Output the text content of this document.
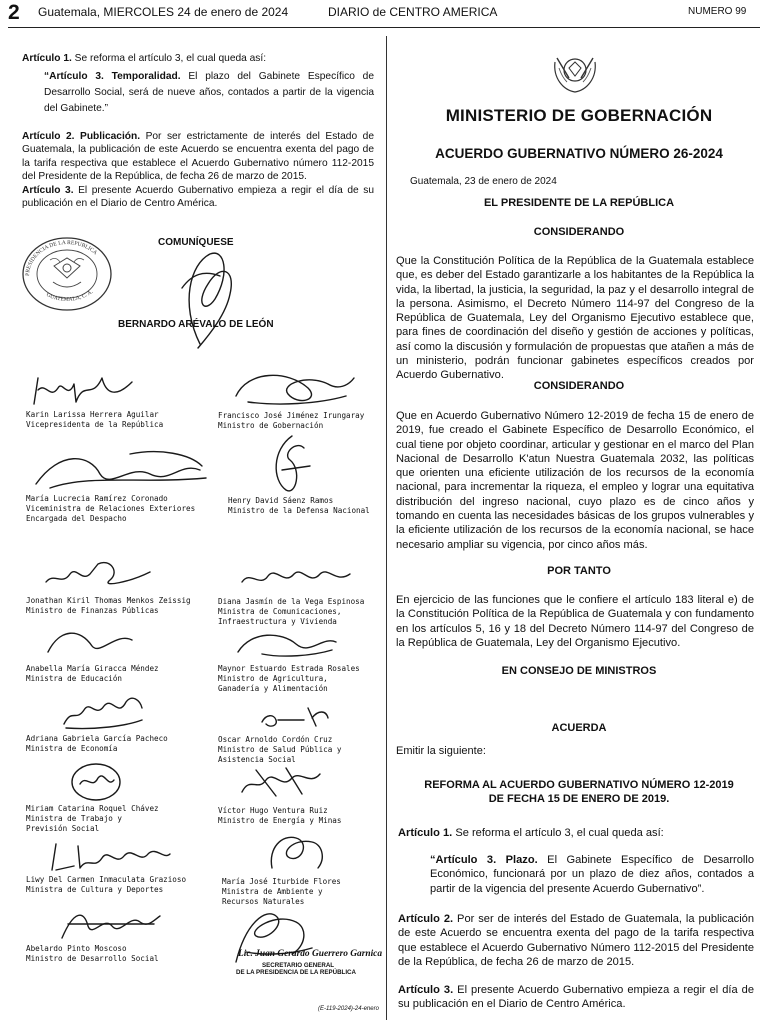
2 Guatemala, MIERCOLES 24 de enero de 2024	DIARIO de CENTRO AMERICA	NUMERO 99
Artículo 1. Se reforma el artículo 3, el cual queda así:
“Artículo 3. Temporalidad. El plazo del Gabinete Específico de Desarrollo Social, será de nueve años, contados a partir de la vigencia del Gabinete.”
Artículo 2. Publicación. Por ser estrictamente de interés del Estado de Guatemala, la publicación de este Acuerdo se encuentra exenta del pago de la tarifa respectiva que establece el Acuerdo Gubernativo número 112-2015 del Presidente de la República, de fecha 26 de marzo de 2015.
Artículo 3. El presente Acuerdo Gubernativo empieza a regir el día de su publicación en el Diario de Centro América.
PRESIDENCIA DE LA REPUBLICA
GUATEMALA, C. A.
COMUNÍQUESE
BERNARDO ARÉVALO DE LEÓN
Karin Larissa Herrera Aguilar
Vicepresidenta de la República
Francisco José Jiménez Irungaray
Ministro de Gobernación
María Lucrecia Ramírez Coronado
Viceministra de Relaciones Exteriores
Encargada del Despacho
Henry David Sáenz Ramos
Ministro de la Defensa Nacional
Jonathan Kiril Thomas Menkos Zeissig
Ministro de Finanzas Públicas
Diana Jasmín de la Vega Espinosa
Ministra de Comunicaciones,
Infraestructura y Vivienda
Anabella María Giracca Méndez
Ministra de Educación
Maynor Estuardo Estrada Rosales
Ministro de Agricultura,
Ganadería y Alimentación
Adriana Gabriela García Pacheco
Ministra de Economía
Oscar Arnoldo Cordón Cruz
Ministro de Salud Pública y
Asistencia Social
Miriam Catarina Roquel Chávez
Ministra de Trabajo y
Previsión Social
Víctor Hugo Ventura Ruiz
Ministro de Energía y Minas
Liwy Del Carmen Inmaculata Grazioso
Ministra de Cultura y Deportes
María José Iturbide Flores
Ministra de Ambiente y
Recursos Naturales
Abelardo Pinto Moscoso
Ministro de Desarrollo Social	Lic. Juan Gerardo Guerrero Garnica
SECRETARIO GENERAL
DE LA PRESIDENCIA DE LA REPÚBLICA
(E-119-2024)-24-enero
MINISTERIO DE GOBERNACIÓN
ACUERDO GUBERNATIVO NÚMERO 26-2024
Guatemala, 23 de enero de 2024
EL PRESIDENTE DE LA REPÚBLICA
CONSIDERANDO
Que la Constitución Política de la República de la Guatemala establece que, es deber del Estado garantizarle a los habitantes de la República la vida, la libertad, la justicia, la seguridad, la paz y el desarrollo integral de la persona. Asimismo, el Decreto Número 114-97 del Congreso de la República de Guatemala, Ley del Organismo Ejecutivo establece que, para fines de coordinación del diseño y gestión de acciones y políticas, así como la discusión y formulación de propuestas que atañen a más de un ministerio, podrán funcionar gabinetes específicos creados por Acuerdo Gubernativo.
CONSIDERANDO
Que en Acuerdo Gubernativo Número 12-2019 de fecha 15 de enero de 2019, fue creado el Gabinete Específico de Desarrollo Económico, el cual tiene por objeto coordinar, articular y gestionar en el marco del Plan Nacional de Desarrollo K'atun Nuestra Guatemala 2032, las políticas que orienten una eficiente utilización de los recursos de la economía nacional, para incrementar la riqueza, el empleo y lograr una equitativa distribución del ingreso nacional, cuyo plazo es de cinco años y tomando en cuenta las necesidades básicas de los grupos vulnerables y la eficiente utilización de los recursos de la economía nacional, se hace necesario ampliar su vigencia, por cinco años más.
POR TANTO
En ejercicio de las funciones que le confiere el artículo 183 literal e) de la Constitución Política de la República de Guatemala y con fundamento en los artículos 5, 16 y 18 del Decreto Número 114-97 del Congreso de la República de Guatemala, Ley del Organismo Ejecutivo.
EN CONSEJO DE MINISTROS
ACUERDA
Emitir la siguiente:
REFORMA AL ACUERDO GUBERNATIVO NÚMERO 12-2019
DE FECHA 15 DE ENERO DE 2019.
Artículo 1. Se reforma el artículo 3, el cual queda así:
“Artículo 3. Plazo. El Gabinete Específico de Desarrollo Económico, funcionará por un plazo de diez años, contados a partir de la vigencia del presente Acuerdo Gubernativo”.
Artículo 2. Por ser de interés del Estado de Guatemala, la publicación de este Acuerdo se encuentra exenta del pago de la tarifa respectiva que establece el Acuerdo Gubernativo Número 112-2015 del Presidente de la República, de fecha 26 de marzo de 2015.
Artículo 3. El presente Acuerdo Gubernativo empieza a regir el día de su publicación en el Diario de Centro América.
